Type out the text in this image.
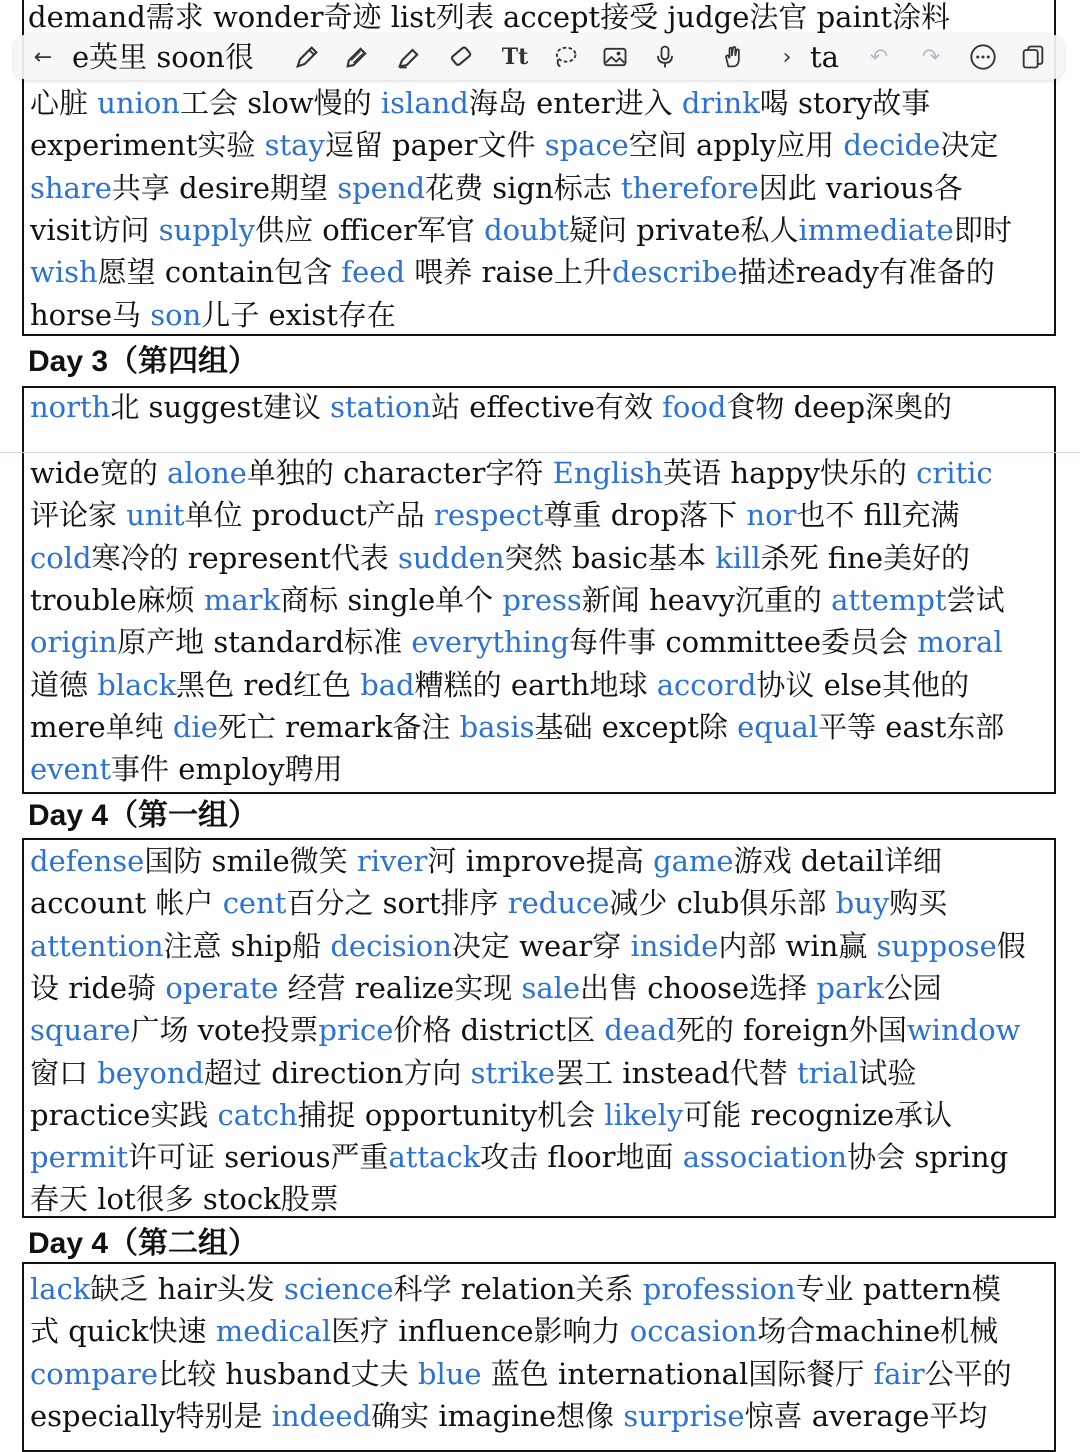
demand需求 wonder奇迹 list列表 accept接受 judge法官 paint涂料
心脏 union工会 slow慢的 island海岛 enter进入 drink喝 story故事
experiment实验 stay逗留 paper文件 space空间 apply应用 decide决定
share共享 desire期望 spend花费 sign标志 therefore因此 various各
visit访问 supply供应 officer军官 doubt疑问 private私人immediate即时
wish愿望 contain包含 feed 喂养 raise上升describe描述ready有准备的
horse马 son儿子 exist存在
Day 3（第四组）
north北 suggest建议 station站 effective有效 food食物 deep深奥的
wide宽的 alone单独的 character字符 English英语 happy快乐的 critic
评论家 unit单位 product产品 respect尊重 drop落下 nor也不 fill充满
cold寒冷的 represent代表 sudden突然 basic基本 kill杀死 fine美好的
trouble麻烦 mark商标 single单个 press新闻 heavy沉重的 attempt尝试
origin原产地 standard标准 everything每件事 committee委员会 moral
道德 black黑色 red红色 bad糟糕的 earth地球 accord协议 else其他的
mere单纯 die死亡 remark备注 basis基础 except除 equal平等 east东部
event事件 employ聘用
Day 4（第一组）
defense国防 smile微笑 river河 improve提高 game游戏 detail详细
account 帐户 cent百分之 sort排序 reduce减少 club俱乐部 buy购买
attention注意 ship船 decision决定 wear穿 inside内部 win赢 suppose假
设 ride骑 operate 经营 realize实现 sale出售 choose选择 park公园
square广场 vote投票price价格 district区 dead死的 foreign外国window
窗口 beyond超过 direction方向 strike罢工 instead代替 trial试验
practice实践 catch捕捉 opportunity机会 likely可能 recognize承认
permit许可证 serious严重attack攻击 floor地面 association协会 spring
春天 lot很多 stock股票
Day 4（第二组）
lack缺乏 hair头发 science科学 relation关系 profession专业 pattern模
式 quick快速 medical医疗 influence影响力 occasion场合machine机械
compare比较 husband丈夫 blue 蓝色 international国际餐厅 fair公平的
especially特别是 indeed确实 imagine想像 surprise惊喜 average平均
← e英里 soon很	Tt	› ta ↶ ↷
